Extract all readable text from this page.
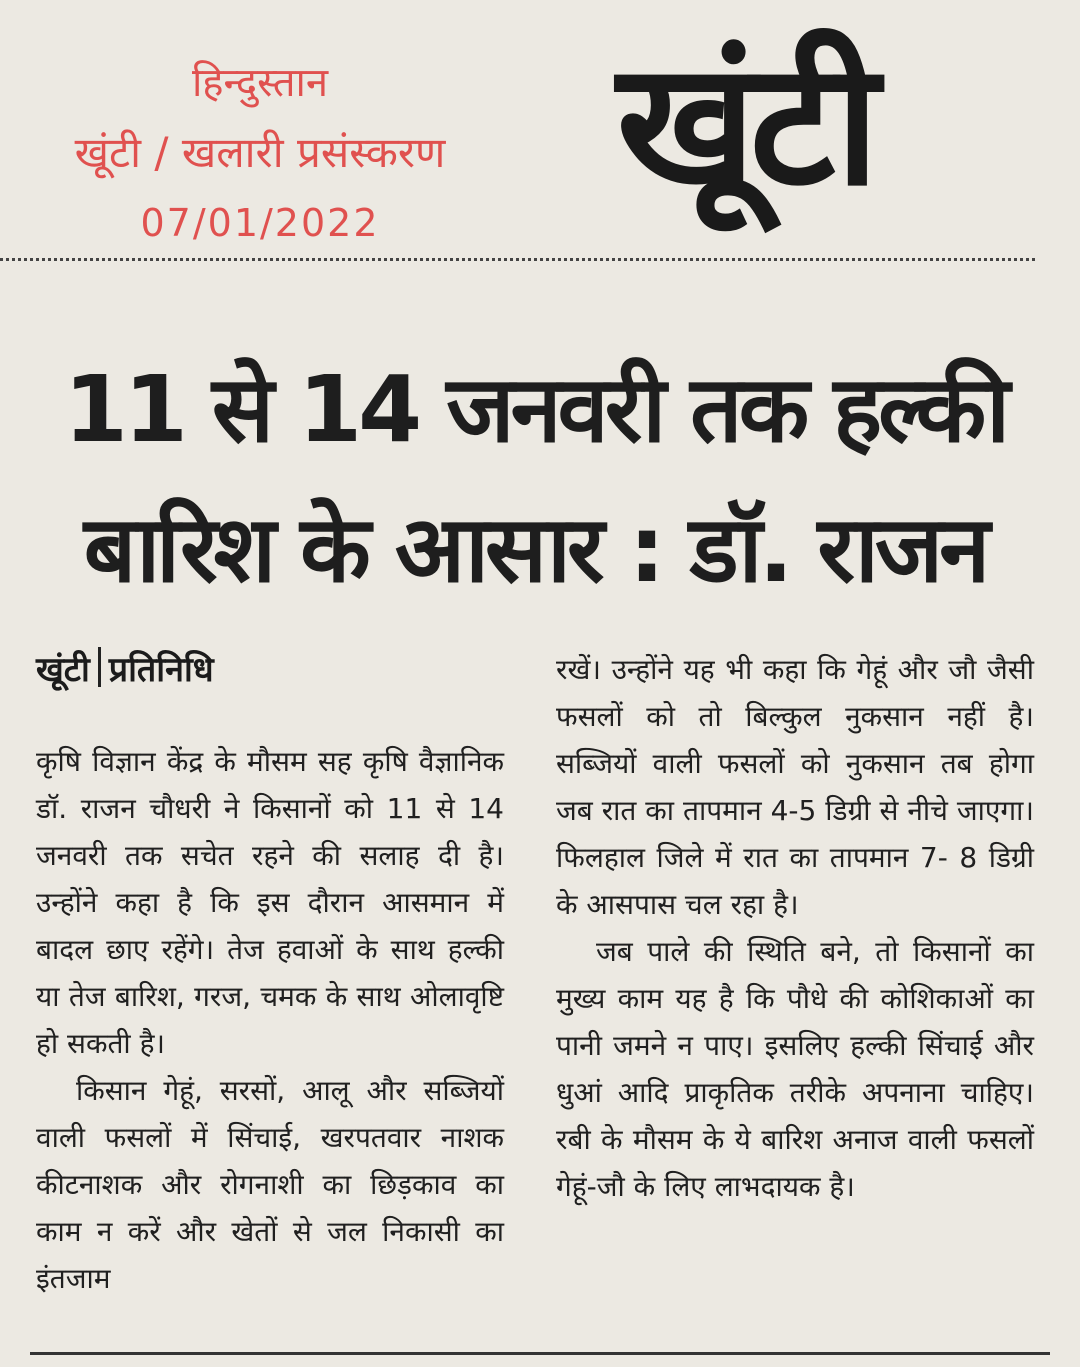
हिन्दुस्तान
खूंटी / खलारी प्रसंस्करण
07/01/2022	खूंटी
11 से 14 जनवरी तक हल्की
बारिश के आसार : डॉ. राजन
खूंटी प्रतिनिधि

कृषि विज्ञान केंद्र के मौसम सह कृषि वैज्ञानिक डॉ. राजन चौधरी ने किसानों को 11 से 14 जनवरी तक सचेत रहने की सलाह दी है। उन्होंने कहा है कि इस दौरान आसमान में बादल छाए रहेंगे। तेज हवाओं के साथ हल्की या तेज बारिश, गरज, चमक के साथ ओलावृष्टि हो सकती है।

किसान गेहूं, सरसों, आलू और सब्जियों वाली फसलों में सिंचाई, खरपतवार नाशक कीटनाशक और रोगनाशी का छिड़काव का काम न करें और खेतों से जल निकासी का इंतजाम

रखें। उन्होंने यह भी कहा कि गेहूं और जौ जैसी फसलों को तो बिल्कुल नुकसान नहीं है। सब्जियों वाली फसलों को नुकसान तब होगा जब रात का तापमान 4-5 डिग्री से नीचे जाएगा। फिलहाल जिले में रात का तापमान 7- 8 डिग्री के आसपास चल रहा है।

जब पाले की स्थिति बने, तो किसानों का मुख्य काम यह है कि पौधे की कोशिकाओं का पानी जमने न पाए। इसलिए हल्की सिंचाई और धुआं आदि प्राकृतिक तरीके अपनाना चाहिए। रबी के मौसम के ये बारिश अनाज वाली फसलों गेहूं-जौ के लिए लाभदायक है।
